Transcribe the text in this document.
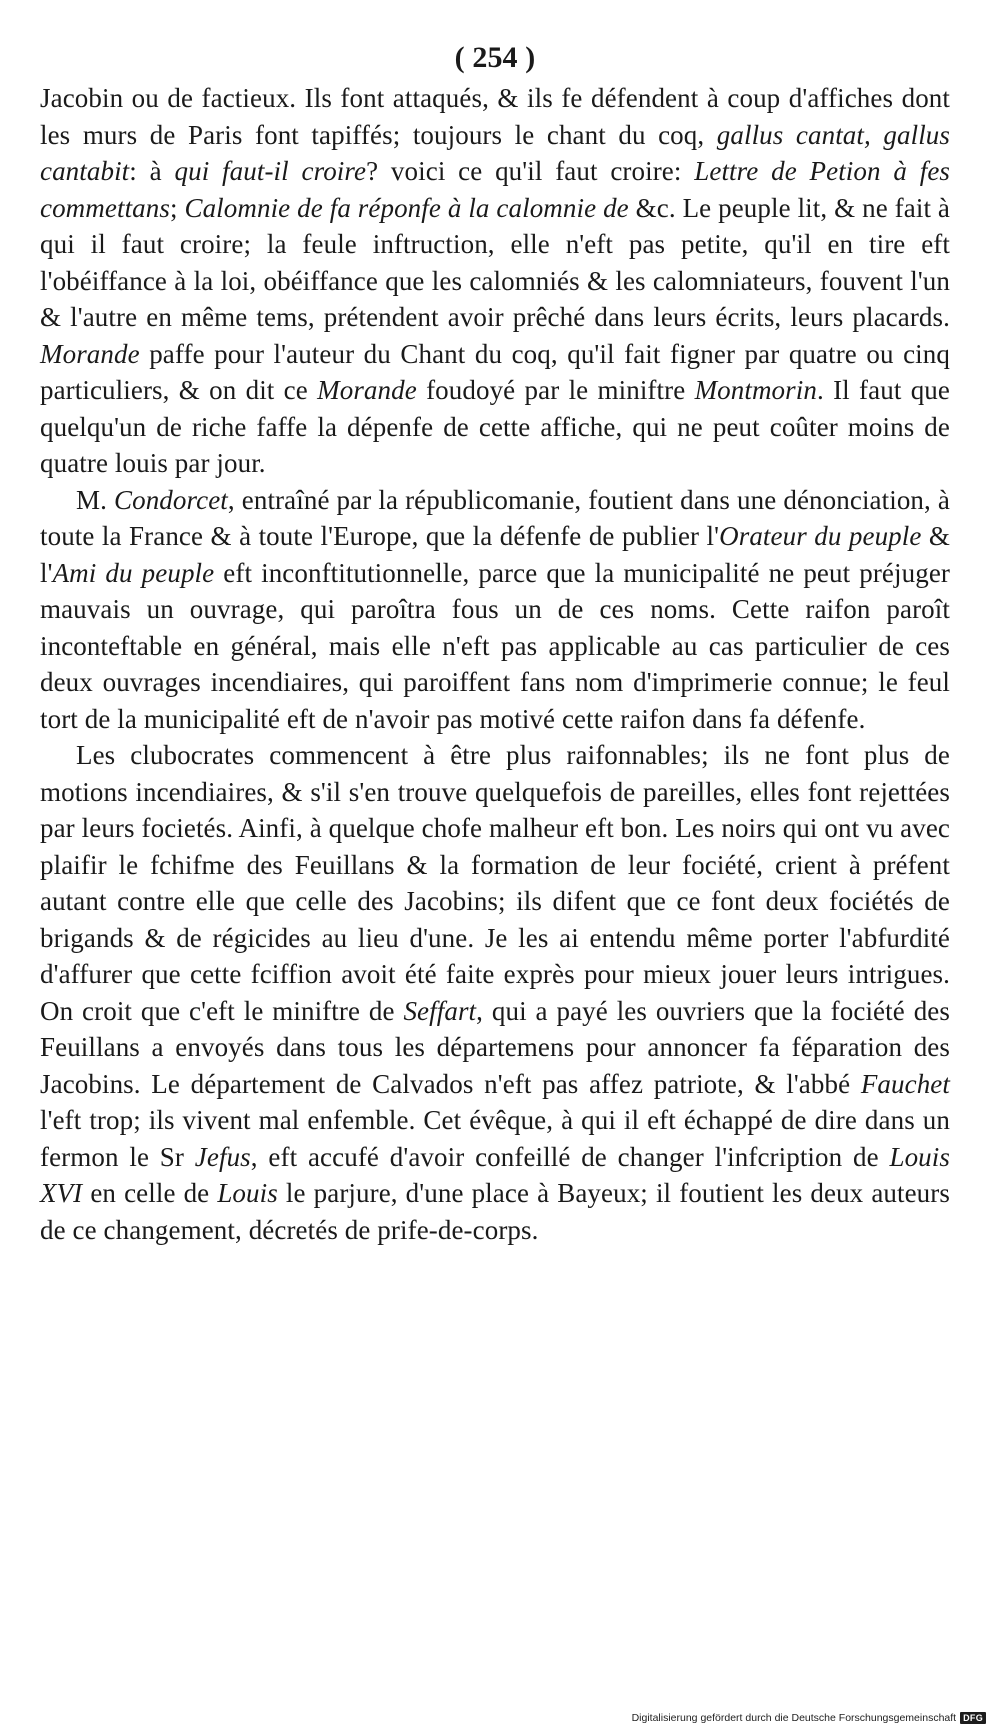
( 254 )

Jacobin ou de factieux. Ils font attaqués, & ils fe défendent à coup d'affiches dont les murs de Paris font tapiffés; toujours le chant du coq, gallus cantat, gallus cantabit: à qui faut-il croire? voici ce qu'il faut croire: Lettre de Petion à fes commettans; Calomnie de fa réponfe à la calomnie de &c. Le peuple lit, & ne fait à qui il faut croire; la feule inftruction, elle n'eft pas petite, qu'il en tire eft l'obéiffance à la loi, obéiffance que les calomniés & les calomniateurs, fouvent l'un & l'autre en même tems, prétendent avoir prêché dans leurs écrits, leurs placards. Morande paffe pour l'auteur du Chant du coq, qu'il fait figner par quatre ou cinq particuliers, & on dit ce Morande foudoyé par le miniftre Montmorin. Il faut que quelqu'un de riche faffe la dépenfe de cette affiche, qui ne peut coûter moins de quatre louis par jour.

M. Condorcet, entraîné par la républicomanie, foutient dans une dénonciation, à toute la France & à toute l'Europe, que la défenfe de publier l'Orateur du peuple & l'Ami du peuple eft inconftitutionnelle, parce que la municipalité ne peut préjuger mauvais un ouvrage, qui paroîtra fous un de ces noms. Cette raifon paroît inconteftable en général, mais elle n'eft pas applicable au cas particulier de ces deux ouvrages incendiaires, qui paroiffent fans nom d'imprimerie connue; le feul tort de la municipalité eft de n'avoir pas motivé cette raifon dans fa défenfe.

Les clubocrates commencent à être plus raifonnables; ils ne font plus de motions incendiaires, & s'il s'en trouve quelquefois de pareilles, elles font rejettées par leurs focietés. Ainfi, à quelque chofe malheur eft bon. Les noirs qui ont vu avec plaifir le fchifme des Feuillans & la formation de leur fociété, crient à préfent autant contre elle que celle des Jacobins; ils difent que ce font deux fociétés de brigands & de régicides au lieu d'une. Je les ai entendu même porter l'abfurdité d'affurer que cette fciffion avoit été faite exprès pour mieux jouer leurs intrigues. On croit que c'eft le miniftre de Seffart, qui a payé les ouvriers que la fociété des Feuillans a envoyés dans tous les départemens pour annoncer fa féparation des Jacobins. Le département de Calvados n'eft pas affez patriote, & l'abbé Fauchet l'eft trop; ils vivent mal enfemble. Cet évêque, à qui il eft échappé de dire dans un fermon le Sr Jefus, eft accufé d'avoir confeillé de changer l'infcription de Louis XVI en celle de Louis le parjure, d'une place à Bayeux; il foutient les deux auteurs de ce changement, décretés de prife-de-corps.

Digitalisierung gefördert durch die Deutsche Forschungsgemeinschaft DFG
